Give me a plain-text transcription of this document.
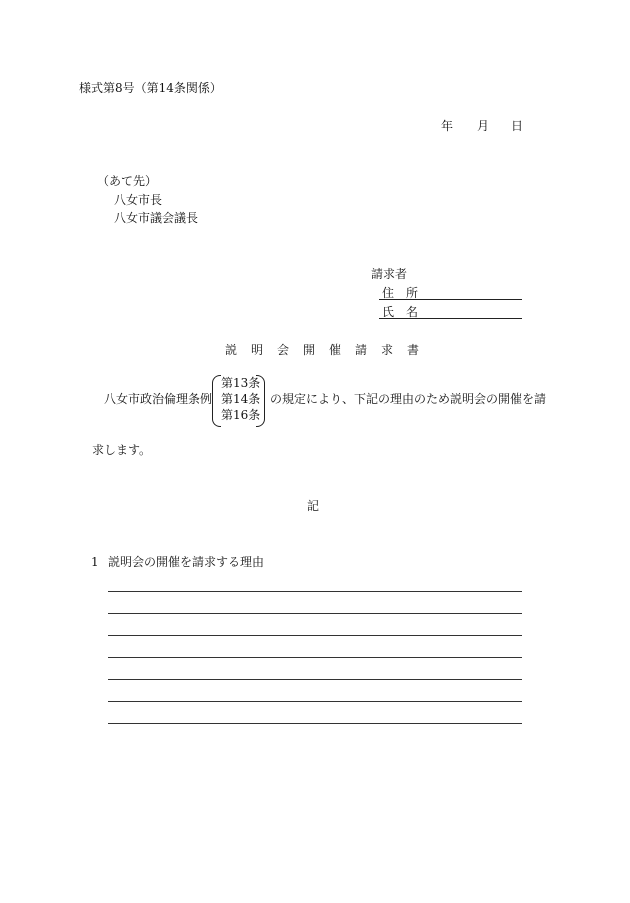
様式第8号（第14条関係）
年 月 日
（あて先）
八女市長
八女市議会議長
請求者
住　所
氏　名
説明会開催請求書
八女市政治倫理条例
第13条
第14条
第16条
の規定により、下記の理由のため説明会の開催を請
求します。
記
1 説明会の開催を請求する理由
